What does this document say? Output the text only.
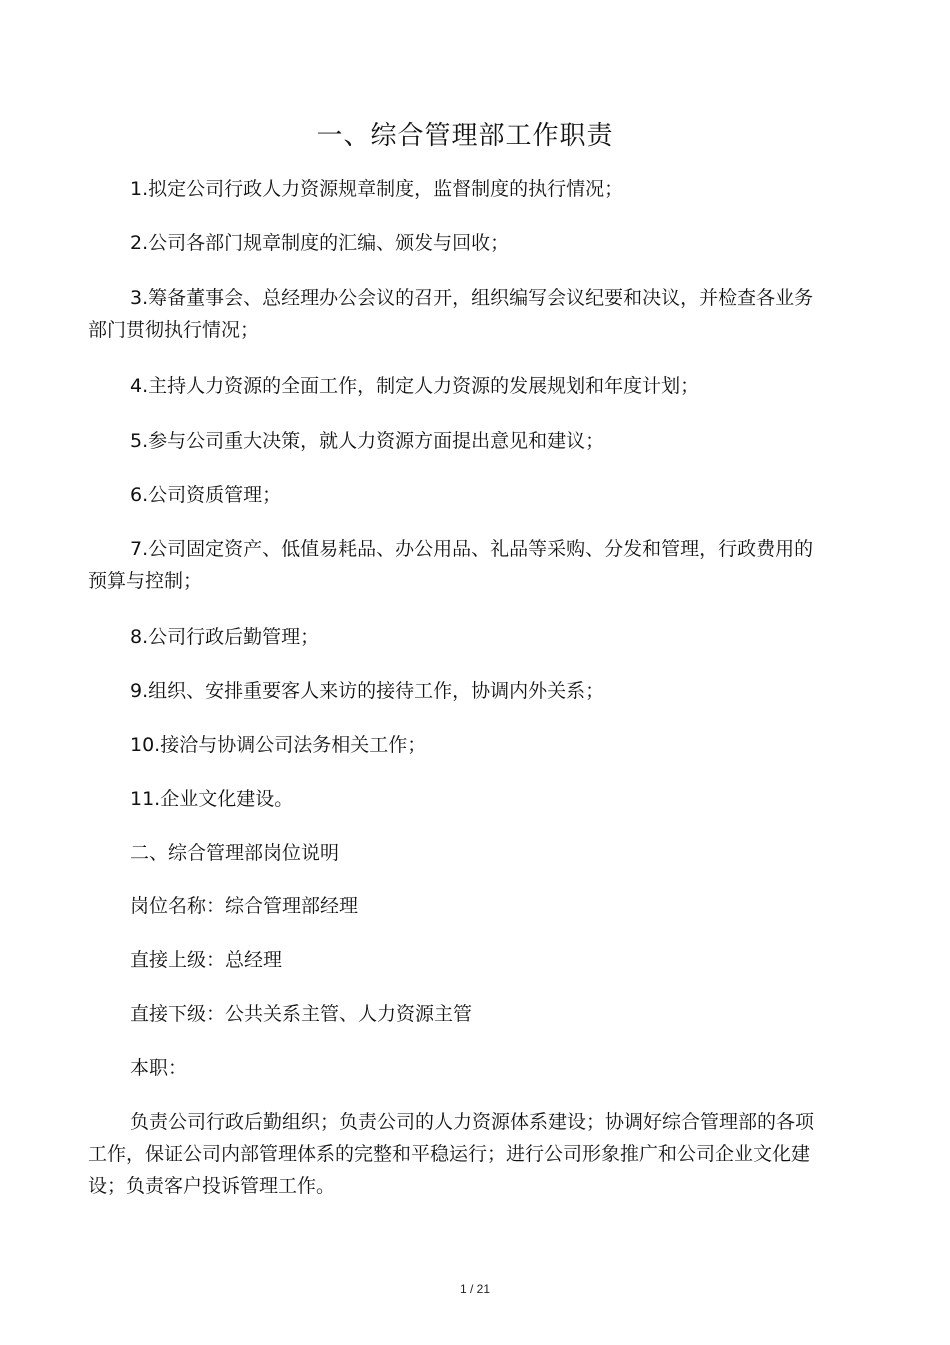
一、综合管理部工作职责

1.拟定公司行政人力资源规章制度，监督制度的执行情况；

2.公司各部门规章制度的汇编、颁发与回收；

3.筹备董事会、总经理办公会议的召开，组织编写会议纪要和决议，并检查各业务部门贯彻执行情况；

4.主持人力资源的全面工作，制定人力资源的发展规划和年度计划；

5.参与公司重大决策，就人力资源方面提出意见和建议；

6.公司资质管理；

7.公司固定资产、低值易耗品、办公用品、礼品等采购、分发和管理，行政费用的预算与控制；

8.公司行政后勤管理；

9.组织、安排重要客人来访的接待工作，协调内外关系；

10.接洽与协调公司法务相关工作；

11.企业文化建设。

二、综合管理部岗位说明

岗位名称：综合管理部经理

直接上级：总经理

直接下级：公共关系主管、人力资源主管

本职：

负责公司行政后勤组织；负责公司的人力资源体系建设；协调好综合管理部的各项工作，保证公司内部管理体系的完整和平稳运行；进行公司形象推广和公司企业文化建设；负责客户投诉管理工作。

1 / 21
